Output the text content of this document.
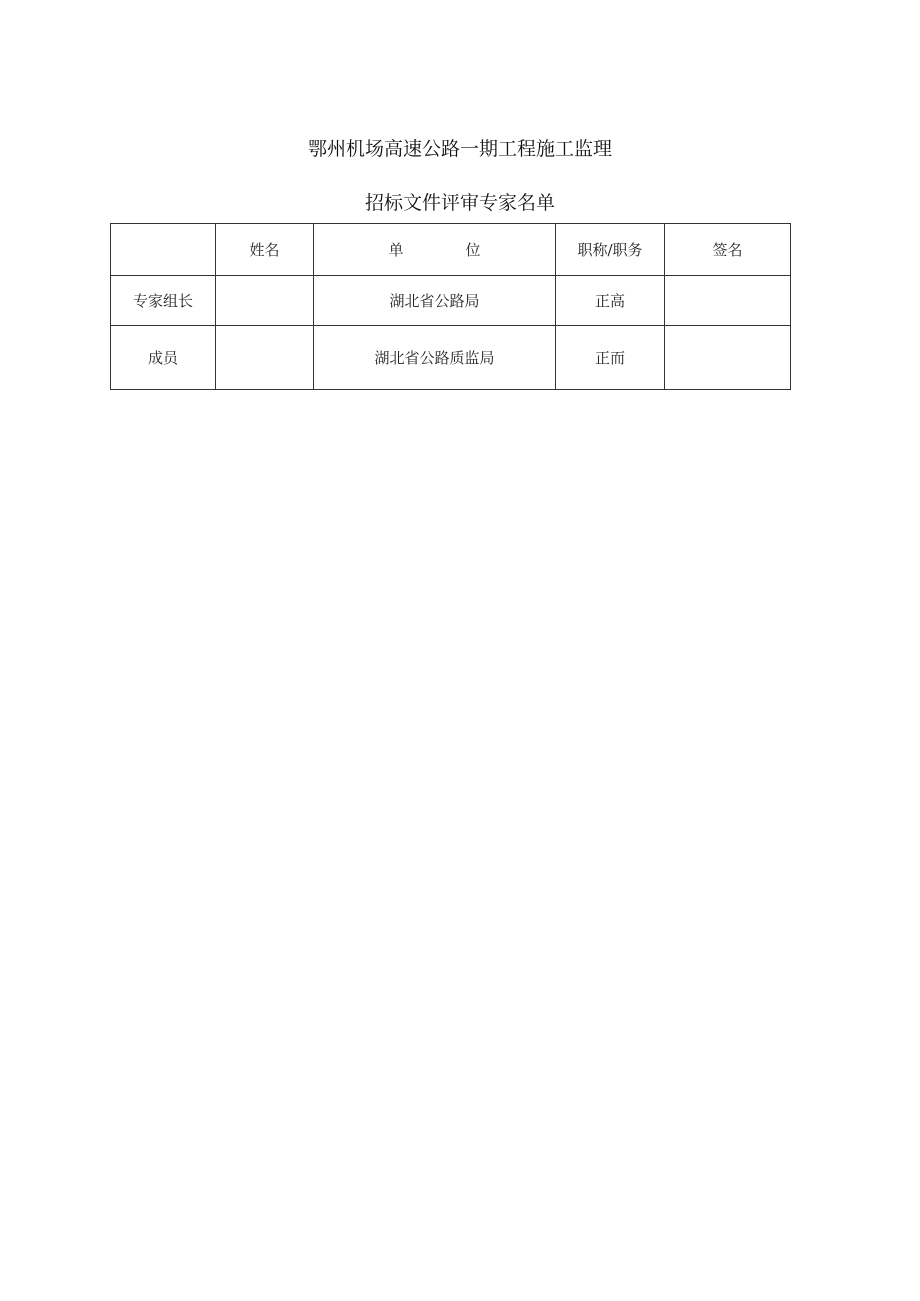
鄂州机场高速公路一期工程施工监理
招标文件评审专家名单
	姓名	单 位	职称/职务	签名
专家组长		湖北省公路局	正高	
成员		湖北省公路质监局	正而	
